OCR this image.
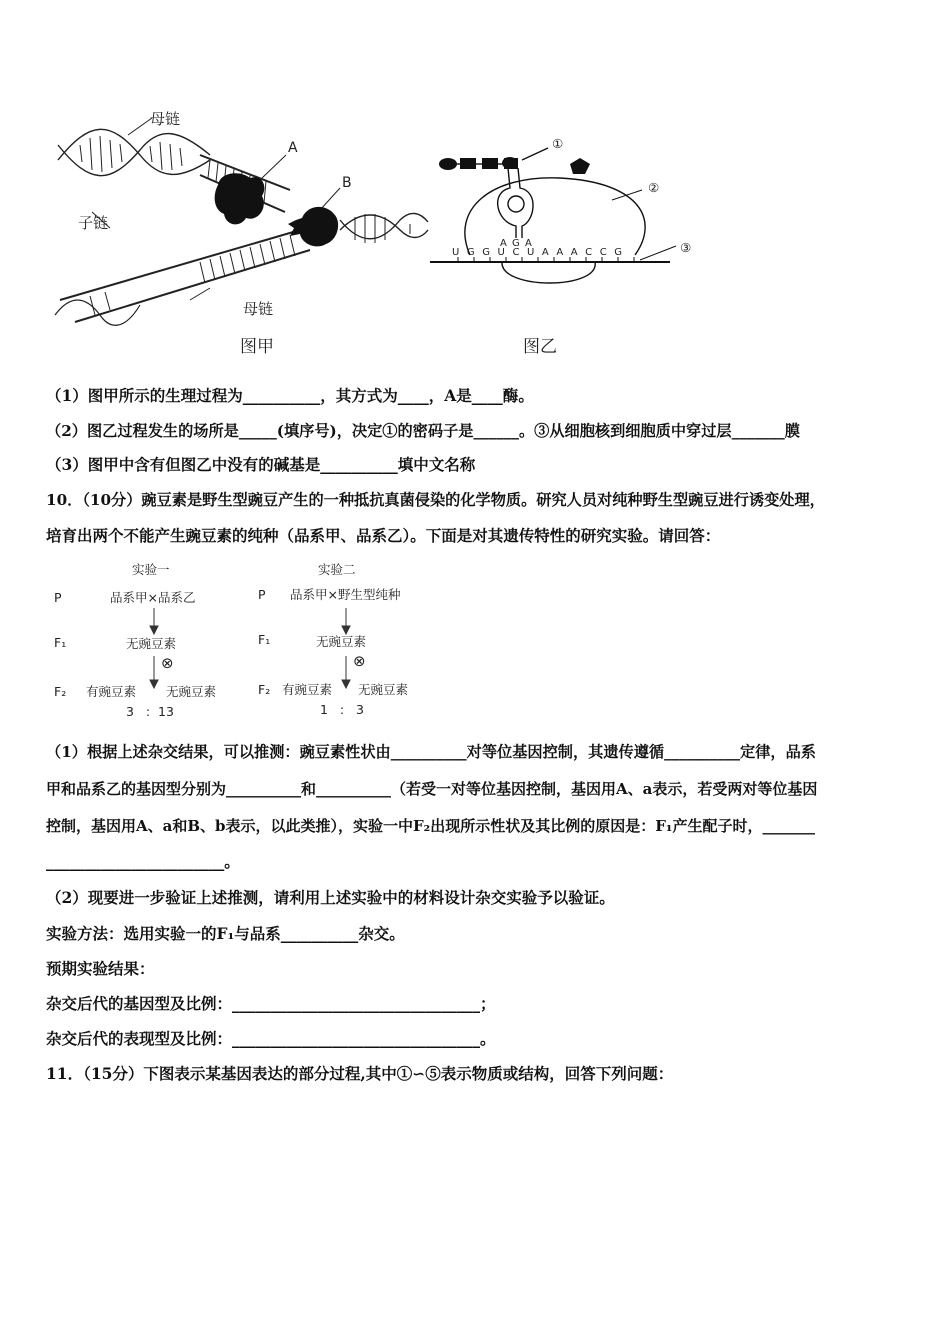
母链
子链
母链
A
B
图甲
①
②
③
A G A
U G G U C U A A A C C G
图乙
（1）图甲所示的生理过程为__________，其方式为____，A是____酶。
（2）图乙过程发生的场所是_____(填序号)，决定①的密码子是______。③从细胞核到细胞质中穿过层_______膜
（3）图甲中含有但图乙中没有的碱基是__________填中文名称
10．（10分）豌豆素是野生型豌豆产生的一种抵抗真菌侵染的化学物质。研究人员对纯种野生型豌豆进行诱变处理，
培育出两个不能产生豌豆素的纯种（品系甲、品系乙）。下面是对其遗传特性的研究实验。请回答：
实验一
P	品系甲×品系乙
F₁	无豌豆素
⊗
F₂ 有豌豆素 无豌豆素
3   :  13
实验二
P 品系甲×野生型纯种
F₁	无豌豆素
⊗
F₂ 有豌豆素 无豌豆素
1   :   3
（1）根据上述杂交结果，可以推测：豌豆素性状由__________对等位基因控制，其遗传遵循__________定律，品系
甲和品系乙的基因型分别为__________和__________（若受一对等位基因控制，基因用A、a表示，若受两对等位基因
控制，基因用A、a和B、b表示，以此类推），实验一中F₂出现所示性状及其比例的原因是：F₁产生配子时，_______
_______________________。
（2）现要进一步验证上述推测，请利用上述实验中的材料设计杂交实验予以验证。
实验方法：选用实验一的F₁与品系__________杂交。
预期实验结果：
杂交后代的基因型及比例：________________________________；
杂交后代的表现型及比例：________________________________。
11．（15分）下图表示某基因表达的部分过程,其中①∽⑤表示物质或结构，回答下列问题：
